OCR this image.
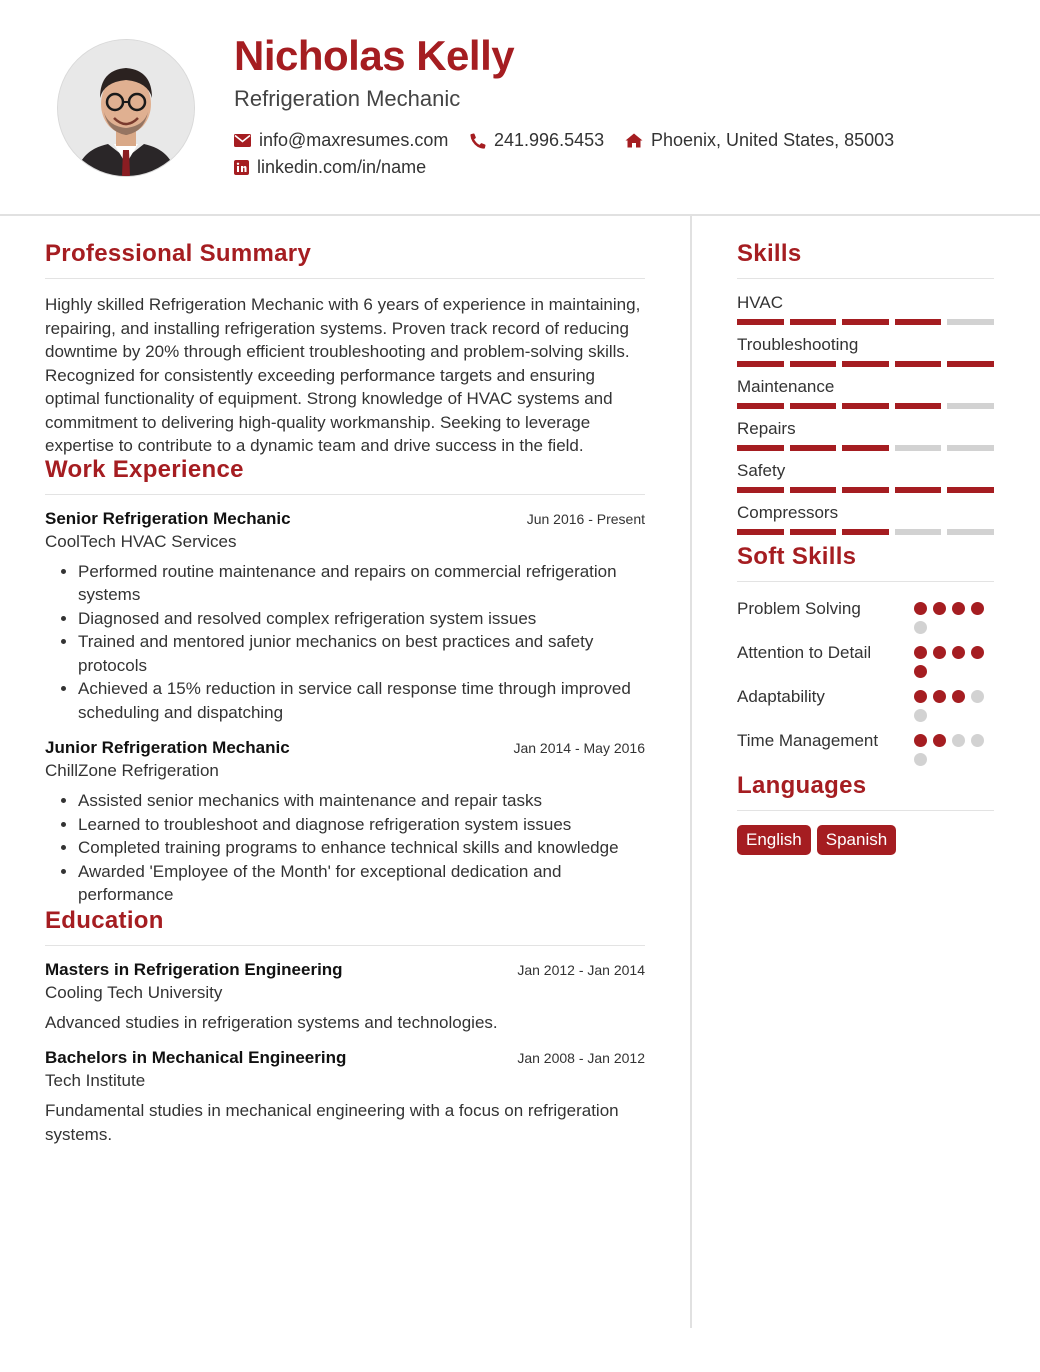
Nicholas Kelly
Refrigeration Mechanic
info@maxresumes.com	241.996.5453	Phoenix, United States, 85003
linkedin.com/in/name
Professional Summary

Highly skilled Refrigeration Mechanic with 6 years of experience in maintaining, repairing, and installing refrigeration systems. Proven track record of reducing downtime by 20% through efficient troubleshooting and problem-solving skills. Recognized for consistently exceeding performance targets and ensuring optimal functionality of equipment. Strong knowledge of HVAC systems and commitment to delivering high-quality workmanship. Seeking to leverage expertise to contribute to a dynamic team and drive success in the field.

Work Experience
Senior Refrigeration Mechanic	Jun 2016 - Present
CoolTech HVAC Services
• Performed routine maintenance and repairs on commercial refrigeration systems
• Diagnosed and resolved complex refrigeration system issues
• Trained and mentored junior mechanics on best practices and safety protocols
• Achieved a 15% reduction in service call response time through improved scheduling and dispatching
Junior Refrigeration Mechanic	Jan 2014 - May 2016
ChillZone Refrigeration
• Assisted senior mechanics with maintenance and repair tasks
• Learned to troubleshoot and diagnose refrigeration system issues
• Completed training programs to enhance technical skills and knowledge
• Awarded 'Employee of the Month' for exceptional dedication and performance
Education
Masters in Refrigeration Engineering	Jan 2012 - Jan 2014
Cooling Tech University
Advanced studies in refrigeration systems and technologies.
Bachelors in Mechanical Engineering	Jan 2008 - Jan 2012
Tech Institute
Fundamental studies in mechanical engineering with a focus on refrigeration systems.
Skills
HVAC
Troubleshooting
Maintenance
Repairs
Safety
Compressors
Soft Skills
Problem Solving
Attention to Detail
Adaptability
Time Management
Languages
English	Spanish
